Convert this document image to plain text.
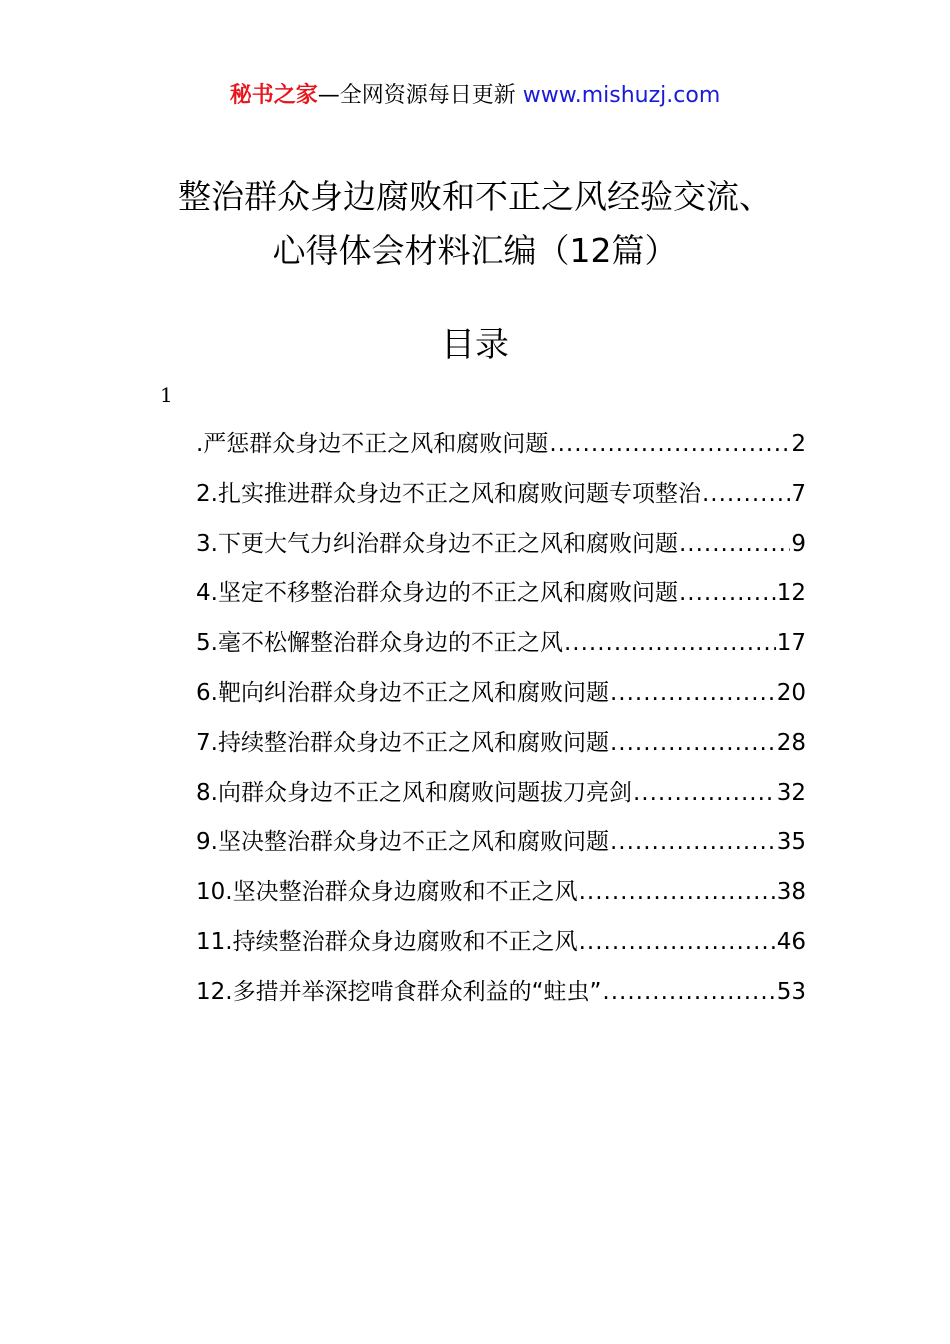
秘书之家—全网资源每日更新 www.mishuzj.com
整治群众身边腐败和不正之风经验交流、
心得体会材料汇编（12篇）
目录
1
.严惩群众身边不正之风和腐败问题 .....	2
2.扎实推进群众身边不正之风和腐败问题专项整治 .....	7
3.下更大气力纠治群众身边不正之风和腐败问题 .....	9
4.坚定不移整治群众身边的不正之风和腐败问题 .....	12
5.毫不松懈整治群众身边的不正之风 .....	17
6.靶向纠治群众身边不正之风和腐败问题 .....	20
7.持续整治群众身边不正之风和腐败问题 .....	28
8.向群众身边不正之风和腐败问题拔刀亮剑 .....	32
9.坚决整治群众身边不正之风和腐败问题 .....	35
10.坚决整治群众身边腐败和不正之风 .....	38
11.持续整治群众身边腐败和不正之风 .....	46
12.多措并举深挖啃食群众利益的“蛀虫” .....	53
